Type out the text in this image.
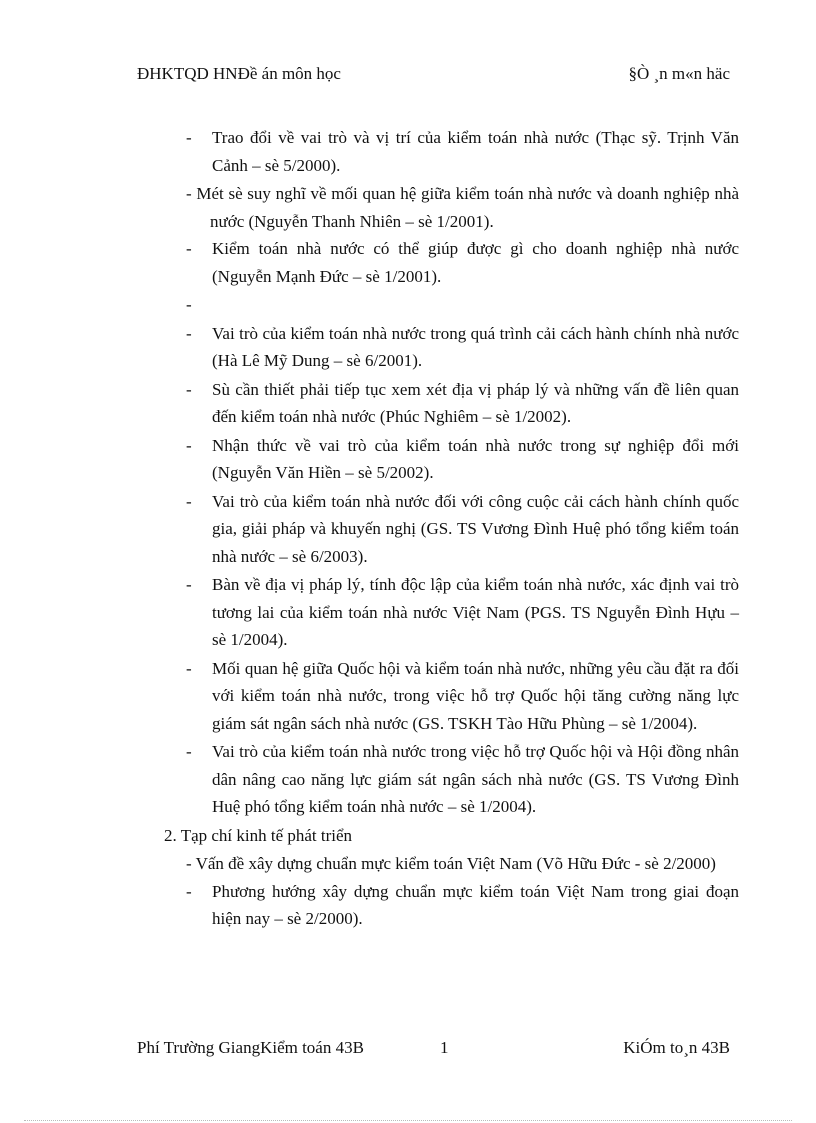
ĐHKTQD HNĐề án môn học	§Ò ¸n m«n häc
-	Trao đổi về vai trò và vị trí của kiểm toán nhà nước (Thạc sỹ. Trịnh Văn Cảnh – sè 5/2000).
- Mét sè suy nghĩ về mối quan hệ giữa kiểm toán nhà nước và doanh nghiệp nhà nước (Nguyễn Thanh Nhiên – sè 1/2001).
-	Kiểm toán nhà nước có thể giúp được gì cho doanh nghiệp nhà nước (Nguyễn Mạnh Đức – sè 1/2001).
-
-	Vai trò của kiểm toán nhà nước trong quá trình cải cách hành chính nhà nước (Hà Lê Mỹ Dung – sè 6/2001).
-	Sù cần thiết phải tiếp tục xem xét địa vị pháp lý và những vấn đề liên quan đến kiểm toán nhà nước (Phúc Nghiêm – sè 1/2002).
-	Nhận thức về vai trò của kiểm toán nhà nước trong sự nghiệp đổi mới (Nguyễn Văn Hiền – sè 5/2002).
-	Vai trò của kiểm toán nhà nước đối với công cuộc cải cách hành chính quốc gia, giải pháp và khuyến nghị (GS. TS Vương Đình Huệ phó tổng kiểm toán nhà nước – sè 6/2003).
-	Bàn về địa vị pháp lý, tính độc lập của kiểm toán nhà nước, xác định vai trò tương lai của kiểm toán nhà nước Việt Nam (PGS. TS Nguyễn Đình Hựu – sè 1/2004).
-	Mối quan hệ giữa Quốc hội và kiểm toán nhà nước, những yêu cầu đặt ra đối với kiểm toán nhà nước, trong việc hỗ trợ Quốc hội tăng cường năng lực giám sát ngân sách nhà nước (GS. TSKH Tào Hữu Phùng – sè 1/2004).
-	Vai trò của kiểm toán nhà nước trong việc hỗ trợ Quốc hội và Hội đồng nhân dân nâng cao năng lực giám sát ngân sách nhà nước (GS. TS Vương Đình Huệ phó tổng kiểm toán nhà nước – sè 1/2004).
2. Tạp chí kinh tế phát triển
- Vấn đề xây dựng chuẩn mực kiểm toán Việt Nam (Võ Hữu Đức - sè 2/2000)
-	Phương hướng xây dựng chuẩn mực kiểm toán Việt Nam trong giai đoạn hiện nay – sè 2/2000).
Phí Trường GiangKiểm toán 43B	1	KiÓm to¸n 43B
